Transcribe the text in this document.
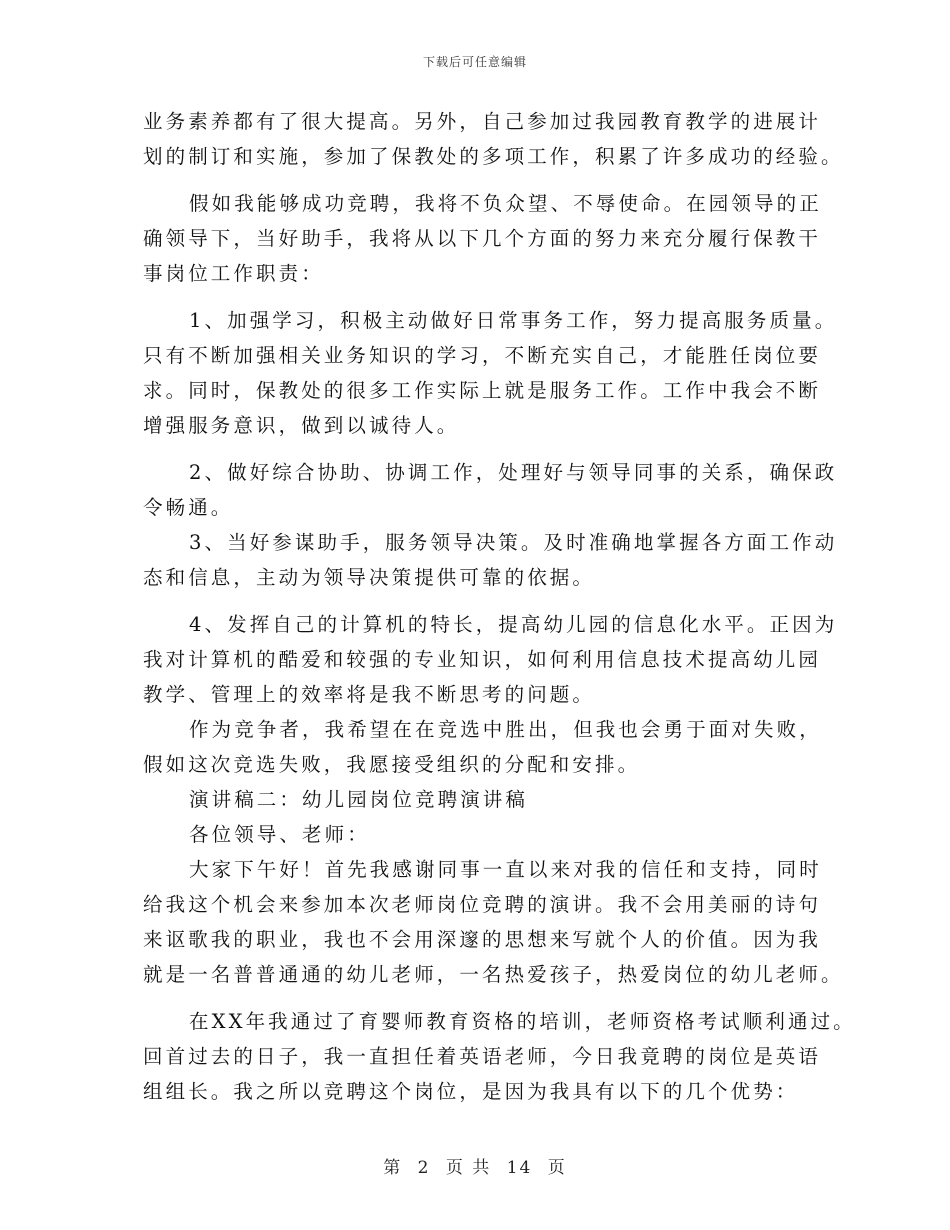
下载后可任意编辑
业务素养都有了很大提高。另外，自己参加过我园教育教学的进展计
划的制订和实施，参加了保教处的多项工作，积累了许多成功的经验。
假如我能够成功竞聘，我将不负众望、不辱使命。在园领导的正
确领导下，当好助手，我将从以下几个方面的努力来充分履行保教干
事岗位工作职责：
1、加强学习，积极主动做好日常事务工作，努力提高服务质量。
只有不断加强相关业务知识的学习，不断充实自己，才能胜任岗位要
求。同时，保教处的很多工作实际上就是服务工作。工作中我会不断
增强服务意识，做到以诚待人。
2、做好综合协助、协调工作，处理好与领导同事的关系，确保政
令畅通。
3、当好参谋助手，服务领导决策。及时准确地掌握各方面工作动
态和信息，主动为领导决策提供可靠的依据。
4、发挥自己的计算机的特长，提高幼儿园的信息化水平。正因为
我对计算机的酷爱和较强的专业知识，如何利用信息技术提高幼儿园
教学、管理上的效率将是我不断思考的问题。
作为竞争者，我希望在在竞选中胜出，但我也会勇于面对失败，
假如这次竞选失败，我愿接受组织的分配和安排。
演讲稿二：幼儿园岗位竞聘演讲稿
各位领导、老师：
大家下午好！首先我感谢同事一直以来对我的信任和支持，同时
给我这个机会来参加本次老师岗位竞聘的演讲。我不会用美丽的诗句
来讴歌我的职业，我也不会用深邃的思想来写就个人的价值。因为我
就是一名普普通通的幼儿老师，一名热爱孩子，热爱岗位的幼儿老师。
在XX年我通过了育婴师教育资格的培训，老师资格考试顺利通过。
回首过去的日子，我一直担任着英语老师，今日我竟聘的岗位是英语
组组长。我之所以竞聘这个岗位，是因为我具有以下的几个优势：
第 2 页 共 14 页
